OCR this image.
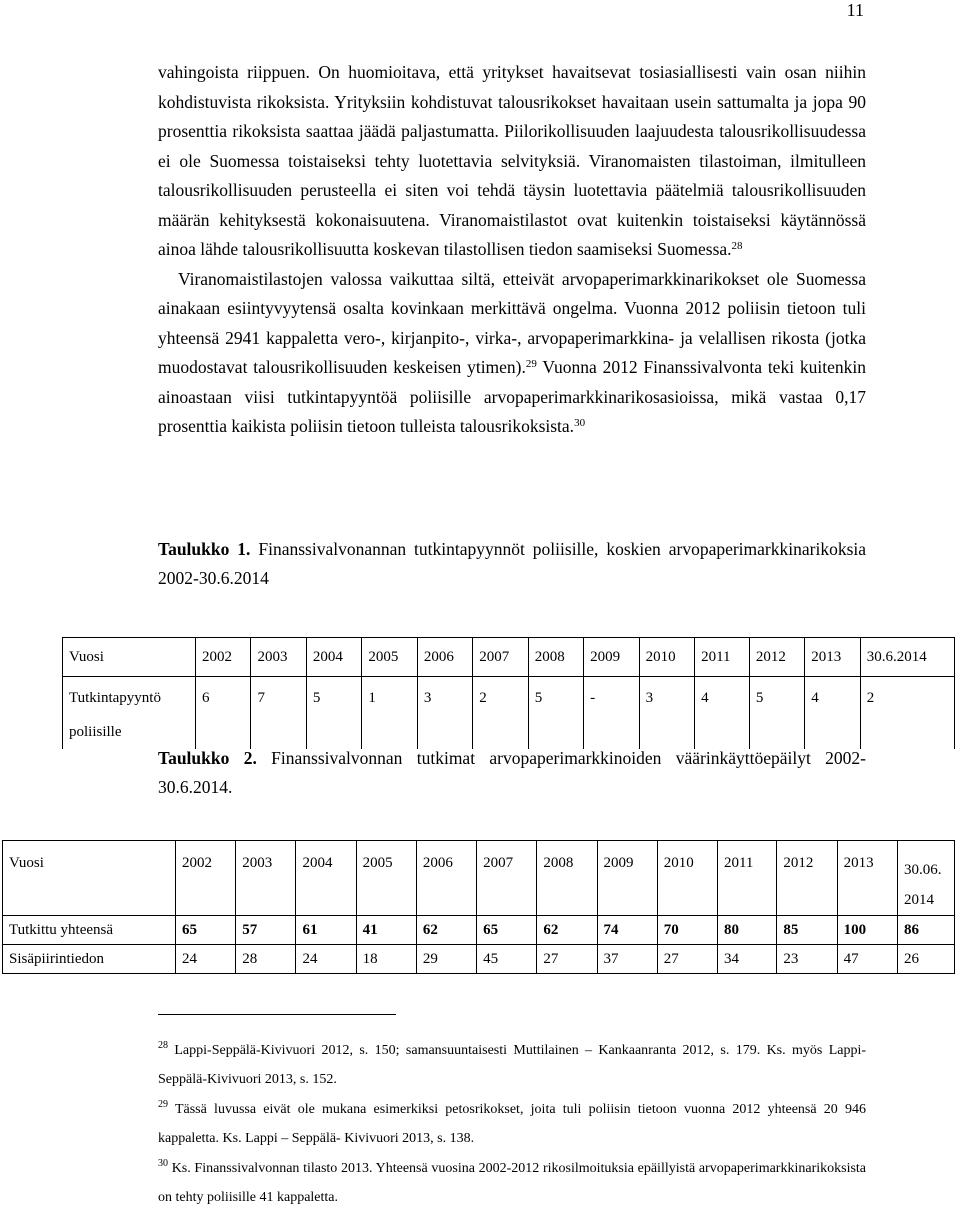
11

vahingoista riippuen. On huomioitava, että yritykset havaitsevat tosiasiallisesti vain osan niihin kohdistuvista rikoksista. Yrityksiin kohdistuvat talousrikokset havaitaan usein sattumalta ja jopa 90 prosenttia rikoksista saattaa jäädä paljastumatta. Piilorikollisuuden laajuudesta talousrikollisuudessa ei ole Suomessa toistaiseksi tehty luotettavia selvityksiä. Viranomaisten tilastoiman, ilmitulleen talousrikollisuuden perusteella ei siten voi tehdä täysin luotettavia päätelmiä talousrikollisuuden määrän kehityksestä kokonaisuutena. Viranomaistilastot ovat kuitenkin toistaiseksi käytännössä ainoa lähde talousrikollisuutta koskevan tilastollisen tiedon saamiseksi Suomessa.$^{28}$

Viranomaistilastojen valossa vaikuttaa siltä, etteivät arvopaperimarkkinarikokset ole Suomessa ainakaan esiintyvyytensä osalta kovinkaan merkittävä ongelma. Vuonna 2012 poliisin tietoon tuli yhteensä 2941 kappaletta vero-, kirjanpito-, virka-, arvopaperimarkkina- ja velallisen rikosta (jotka muodostavat talousrikollisuuden keskeisen ytimen).$^{29}$ Vuonna 2012 Finanssivalvonta teki kuitenkin ainoastaan viisi tutkintapyyntöä poliisille arvopaperimarkkinarikosasioissa, mikä vastaa 0,17 prosenttia kaikista poliisin tietoon tulleista talousrikoksista.$^{30}$

Taulukko 1. Finanssivalvonannan tutkintapyynnöt poliisille, koskien arvopaperimarkkinarikoksia 2002-30.6.2014
Vuosi	2002	2003	2004	2005	2006	2007	2008	2009	2010	2011	2012	2013	30.6.2014
Tutkintapyyntö poliisille	6	7	5	1	3	2	5	-	3	4	5	4	2
Taulukko 2. Finanssivalvonnan tutkimat arvopaperimarkkinoiden väärinkäyttöepäilyt 2002-30.6.2014.
Vuosi	2002	2003	2004	2005	2006	2007	2008	2009	2010	2011	2012	2013	30.06. 2014
Tutkittu yhteensä	65	57	61	41	62	65	62	74	70	80	85	100	86
Sisäpiirintiedon	24	28	24	18	29	45	27	37	27	34	23	47	26

$^{28}$ Lappi-Seppälä-Kivivuori 2012, s. 150; samansuuntaisesti Muttilainen – Kankaanranta 2012, s. 179. Ks. myös Lappi-Seppälä-Kivivuori 2013, s. 152.

$^{29}$ Tässä luvussa eivät ole mukana esimerkiksi petosrikokset, joita tuli poliisin tietoon vuonna 2012 yhteensä 20 946 kappaletta. Ks. Lappi – Seppälä- Kivivuori 2013, s. 138.

$^{30}$ Ks. Finanssivalvonnan tilasto 2013. Yhteensä vuosina 2002-2012 rikosilmoituksia epäillyistä arvopaperimarkkinarikoksista on tehty poliisille 41 kappaletta.
